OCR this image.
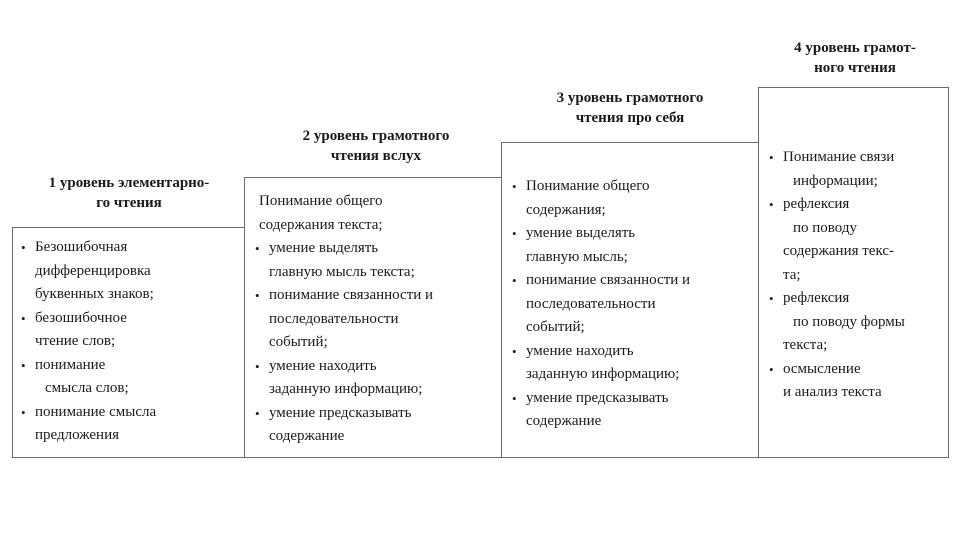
1 уровень элементарно-
го чтения
• Безошибочная
дифференцировка
буквенных знаков;
• безошибочное
чтение слов;
• понимание
смысла слов;
• понимание смысла
предложения
2 уровень грамотного
чтения вслух
Понимание общего
содержания текста;
• умение выделять
главную мысль текста;
• понимание связанности и
последовательности
событий;
• умение находить
заданную информацию;
• умение предсказывать
содержание
3 уровень грамотного
чтения про себя
• Понимание общего
содержания;
• умение выделять
главную мысль;
• понимание связанности и
последовательности
событий;
• умение находить
заданную информацию;
• умение предсказывать
содержание
4 уровень грамот-
ного чтения
• Понимание связи
информации;
• рефлексия
по поводу
содержания текс-
та;
• рефлексия
по поводу формы
текста;
• осмысление
и анализ текста
